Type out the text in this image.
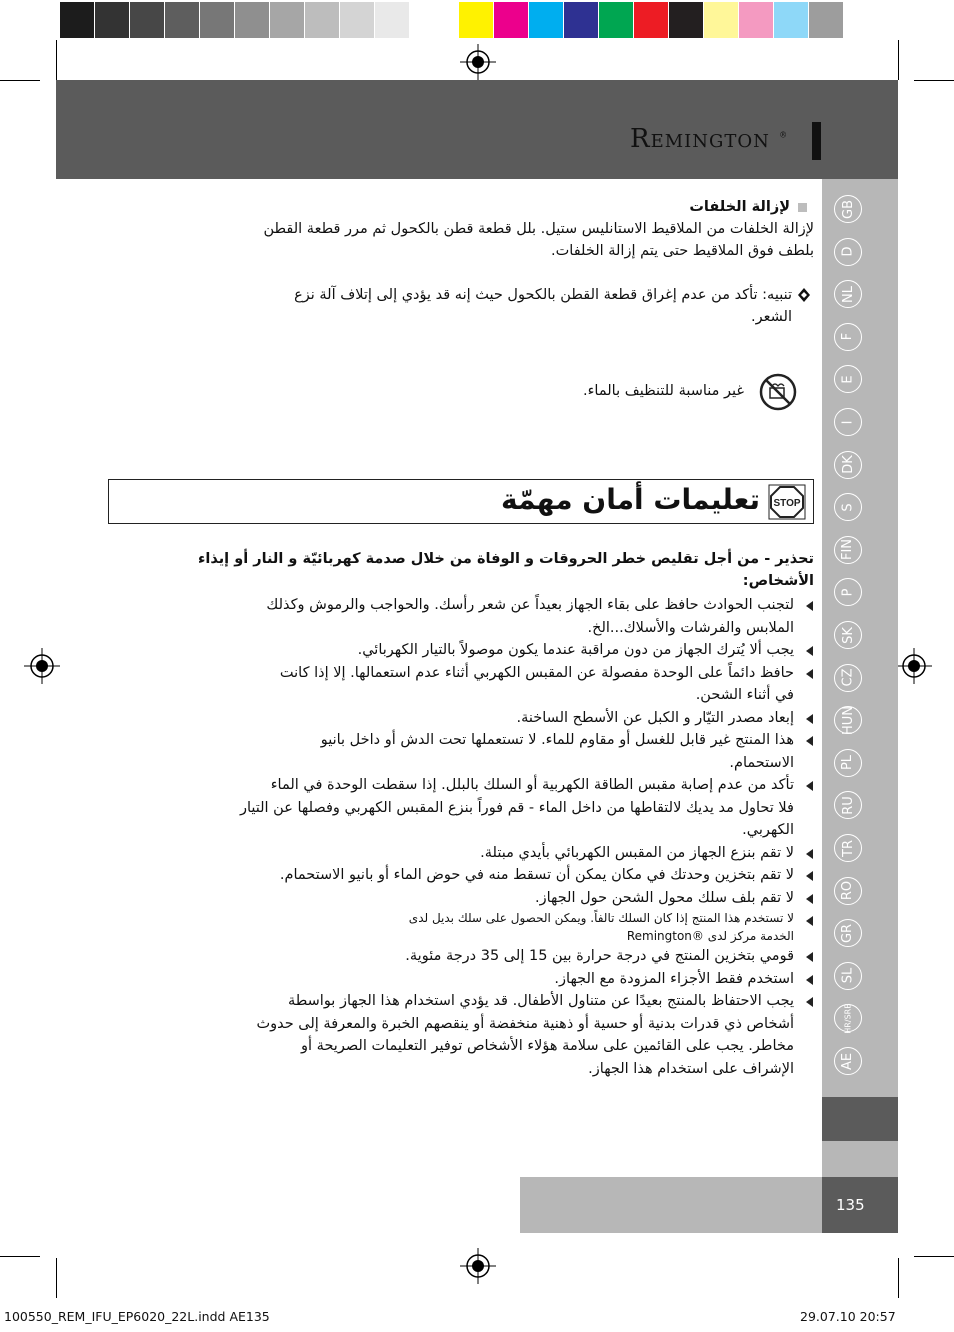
Remington ®
GB
D
NL
F
E
I
DK
S
FIN
P
SK
CZ
HUN
PL
RU
TR
RO
GR
SL
HR/SRB
AE
135
لإزالة الخلفات
لإزالة الخلفات من الملاقيط الاستانليس ستيل. بلل قطعة قطن بالكحول ثم مرر قطعة القطن
بلطف فوق الملاقيط حتى يتم إزالة الخلفات.
تنبيه: تأكد من عدم إغراق قطعة القطن بالكحول حيث إنه قد يؤدي إلى إتلاف آلة نزع
الشعر.
غير مناسبة للتنظيف بالماء.
تعليمات أمان مهمّة STOP
تحذير - من أجل تقليص خطر الحروقات و الوفاة من خلال صدمة كهربائيّة و النار أو إيذاء
الأشخاص:
لتجنب الحوادث حافظ على بقاء الجهاز بعيداً عن شعر رأسك. والحواجب والرموش وكذلك
الملابس والفرشات والأسلاك...الخ.
يجب ألا يُترك الجهاز من دون مراقبة عندما يكون موصولاً بالتيار الكهربائي.
حافظ دائماً على الوحدة مفصولة عن المقبس الكهربي أثناء عدم استعمالها. إلا إذا كانت
في أثناء الشحن.
إبعاد مصدر التيّار و الكبل عن الأسطح الساخنة.
هذا المنتج غير قابل للغسل أو مقاوم للماء. لا تستعملها تحت الدش أو داخل بانيو
الاستحمام.
تأكد من عدم إصابة مقبس الطاقة الكهربية أو السلك بالبلل. إذا سقطت الوحدة في الماء
فلا تحاول مد يديك لالتقاطها من داخل الماء - قم فوراً بنزع المقبس الكهربي وفصلها عن التيار
الكهربي.
لا تقم بنزع الجهاز من المقبس الكهربائي بأيدي مبتلة.
لا تقم بتخزين وحدتك في مكان يمكن أن تسقط منه في حوض الماء أو بانيو الاستحمام.
لا تقم بلف سلك محول الشحن حول الجهاز.
لا تستخدم هذا المنتج إذا كان السلك تالفاً. ويمكن الحصول على سلك بديل لدى
Remington® الخدمة مركز لدى
قومي بتخزين المنتج في درجة حرارة بين 15 إلى 35 درجة مئوية.
استخدم فقط الأجزاء المزودة مع الجهاز.
يجب الاحتفاظ بالمنتج بعيدًا عن متناول الأطفال. قد يؤدي استخدام هذا الجهاز بواسطة
أشخاص ذي قدرات بدنية أو حسية أو ذهنية منخفضة أو ينقصهم الخبرة والمعرفة إلى حدوث
مخاطر. يجب على القائمين على سلامة هؤلاء الأشخاص توفير التعليمات الصريحة أو
الإشراف على استخدام هذا الجهاز.
100550_REM_IFU_EP6020_22L.indd AE135	29.07.10 20:57
